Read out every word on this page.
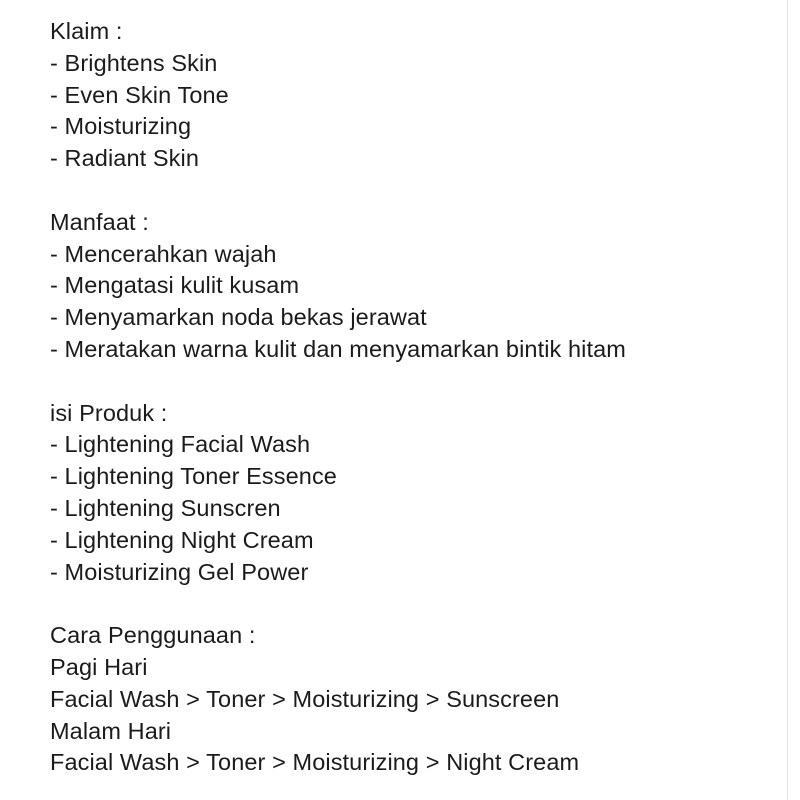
Klaim :
- Brightens Skin
- Even Skin Tone
- Moisturizing
- Radiant Skin
Manfaat :
- Mencerahkan wajah
- Mengatasi kulit kusam
- Menyamarkan noda bekas jerawat
- Meratakan warna kulit dan menyamarkan bintik hitam
isi Produk :
- Lightening Facial Wash
- Lightening Toner Essence
- Lightening Sunscren
- Lightening Night Cream
- Moisturizing Gel Power
Cara Penggunaan :
Pagi Hari
Facial Wash > Toner > Moisturizing > Sunscreen
Malam Hari
Facial Wash > Toner > Moisturizing > Night Cream
